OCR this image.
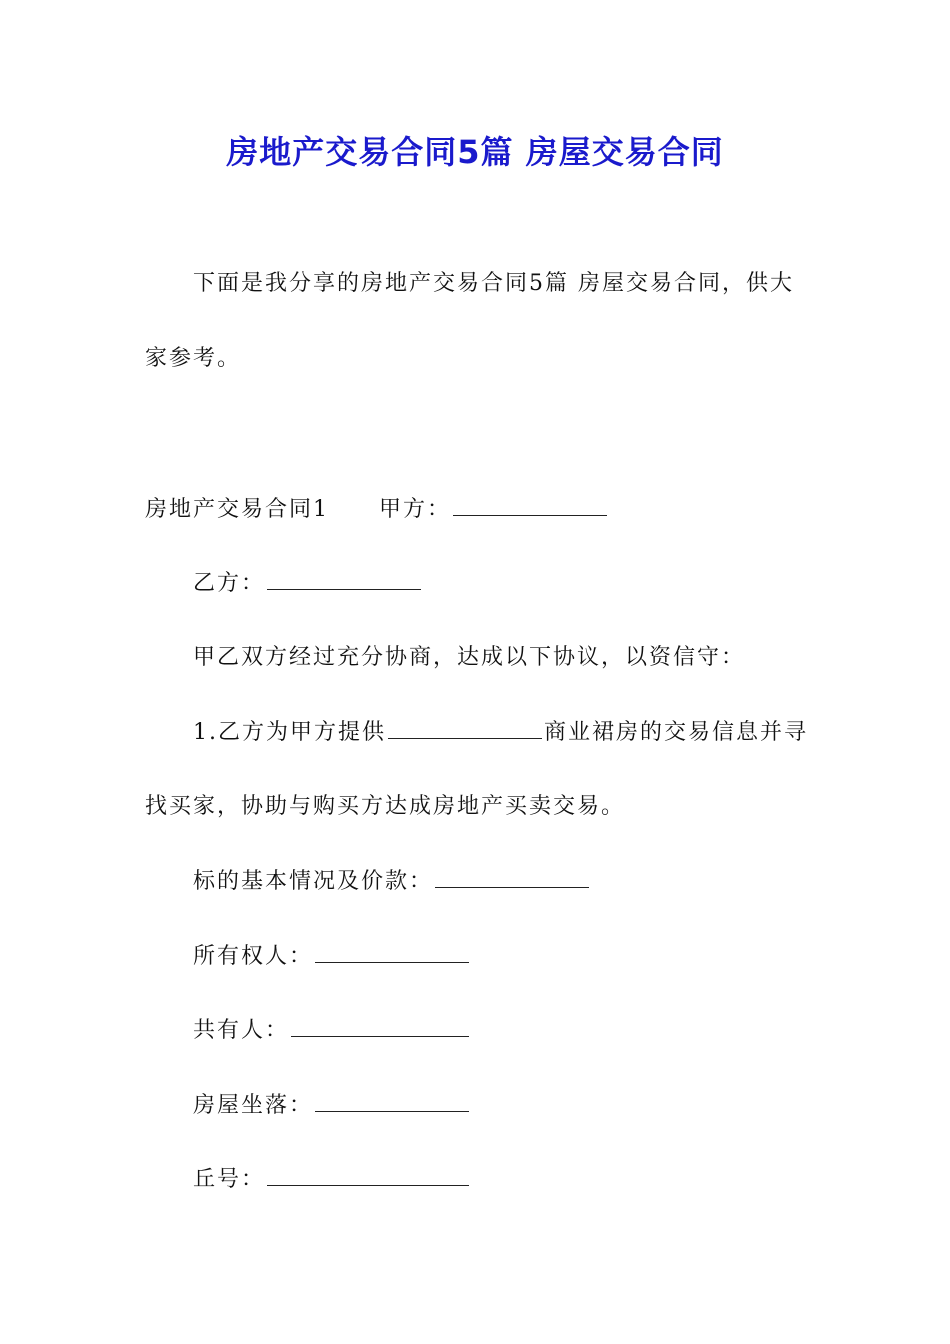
房地产交易合同5篇 房屋交易合同
下面是我分享的房地产交易合同5篇 房屋交易合同，供大
家参考。
房地产交易合同1 甲方：
乙方：
甲乙双方经过充分协商，达成以下协议，以资信守：
1.乙方为甲方提供	商业裙房的交易信息并寻
找买家，协助与购买方达成房地产买卖交易。
标的基本情况及价款：
所有权人：
共有人：
房屋坐落：
丘号：
